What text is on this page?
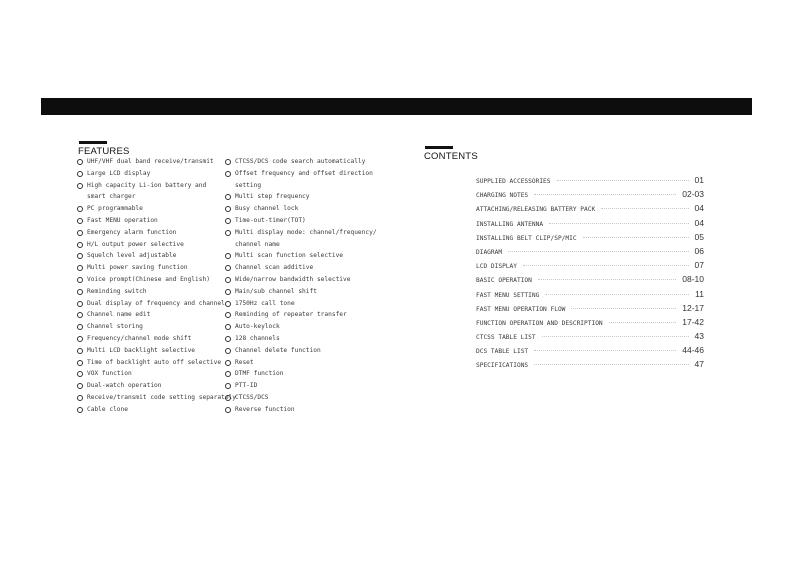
FEATURES
UHF/VHF dual band receive/transmit
Large LCD display
High capacity Li-ion battery and
smart charger
PC programmable
Fast MENU operation
Emergency alarm function
H/L output power selective
Squelch level adjustable
Multi power saving function
Voice prompt(Chinese and English)
Reminding switch
Dual display of frequency and channel
Channel name edit
Channel storing
Frequency/channel mode shift
Multi LCD backlight selective
Time of backlight auto off selective
VOX function
Dual-watch operation
Receive/transmit code setting separately
Cable clone
CTCSS/DCS code search automatically
Offset frequency and offset direction
setting
Multi step frequency
Busy channel lock
Time-out-timer(TOT)
Multi display mode: channel/frequency/
channel name
Multi scan function selective
Channel scan additive
Wide/narrow bandwidth selective
Main/sub channel shift
1750Hz call tone
Reminding of repeater transfer
Auto-keylock
128 channels
Channel delete function
Reset
DTMF function
PTT-ID
CTCSS/DCS
Reverse function
CONTENTS
SUPPLIED ACCESSORIES	01
CHARGING NOTES	02-03
ATTACHING/RELEASING BATTERY PACK	04
INSTALLING ANTENNA	04
INSTALLING BELT CLIP/SP/MIC	05
DIAGRAM	06
LCD DISPLAY	07
BASIC OPERATION	08-10
FAST MENU SETTING	11
FAST MENU OPERATION FLOW	12-17
FUNCTION OPERATION AND DESCRIPTION	17-42
CTCSS TABLE LIST	43
DCS TABLE LIST	44-46
SPECIFICATIONS	47
